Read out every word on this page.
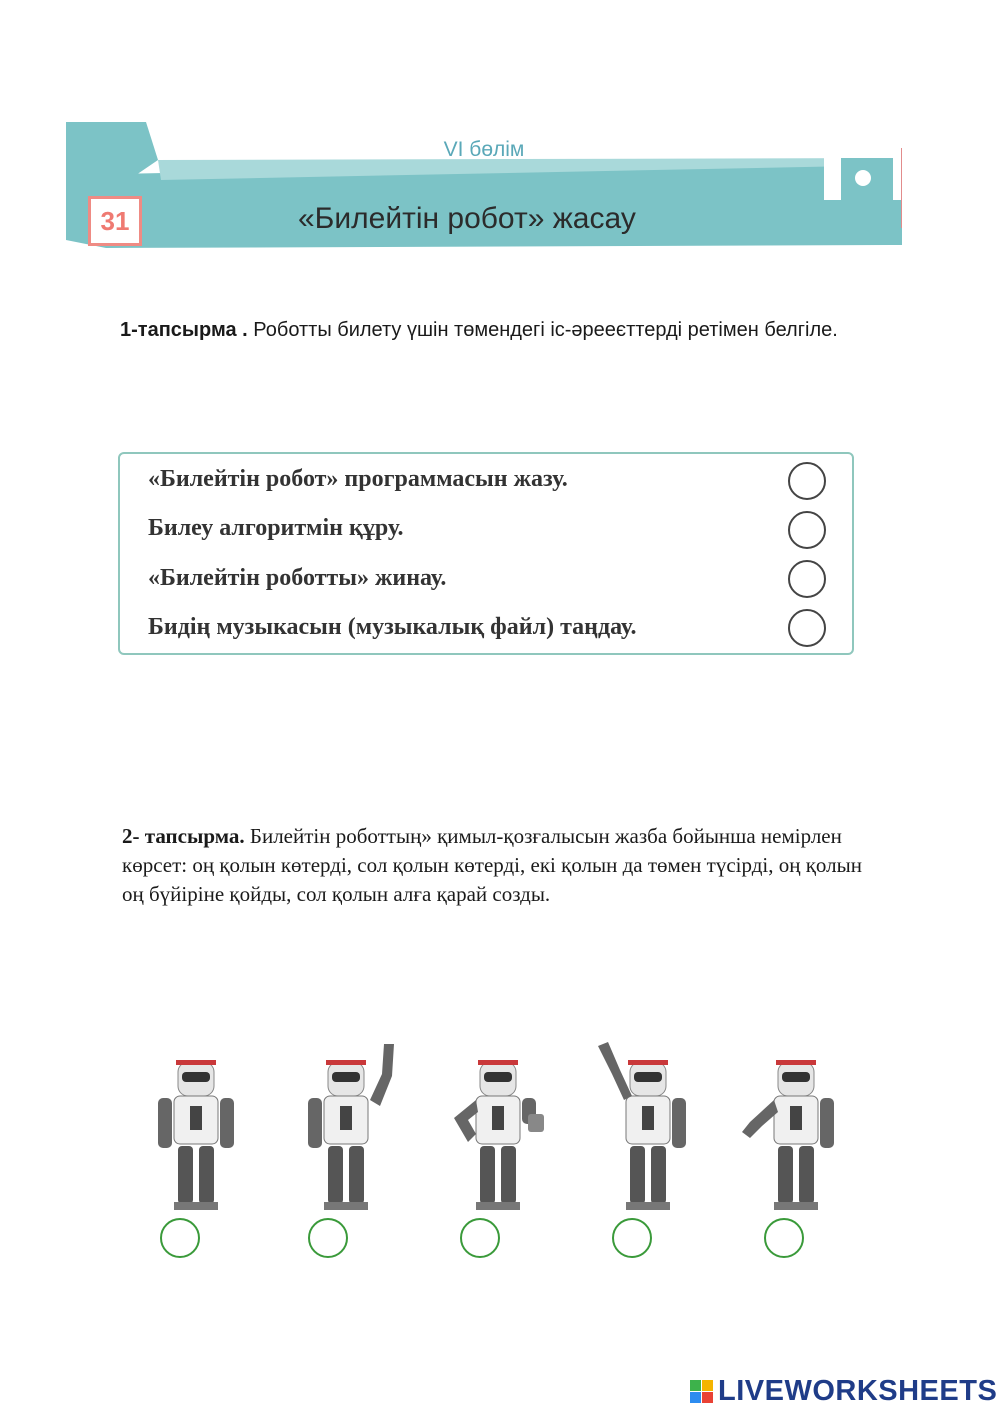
VI бөлім
31	«Билейтін робот» жасау
1-тапсырма . Роботты билету үшін төмендегі іс-әрееєттерді ретімен белгіле.
«Билейтін робот» программасын жазу.
Билеу алгоритмін құру.
«Билейтін роботты» жинау.
Бидің музыкасын (музыкалық файл) таңдау.
2- тапсырма. Билейтін роботтың» қимыл-қозғалысын жазба бойынша немірлен көрсет: оң қолын көтерді, сол қолын көтерді, екі қолын да төмен түсірді, оң қолын оң бүйіріне қойды, сол қолын алға қарай созды.
LIVEWORKSHEETS
